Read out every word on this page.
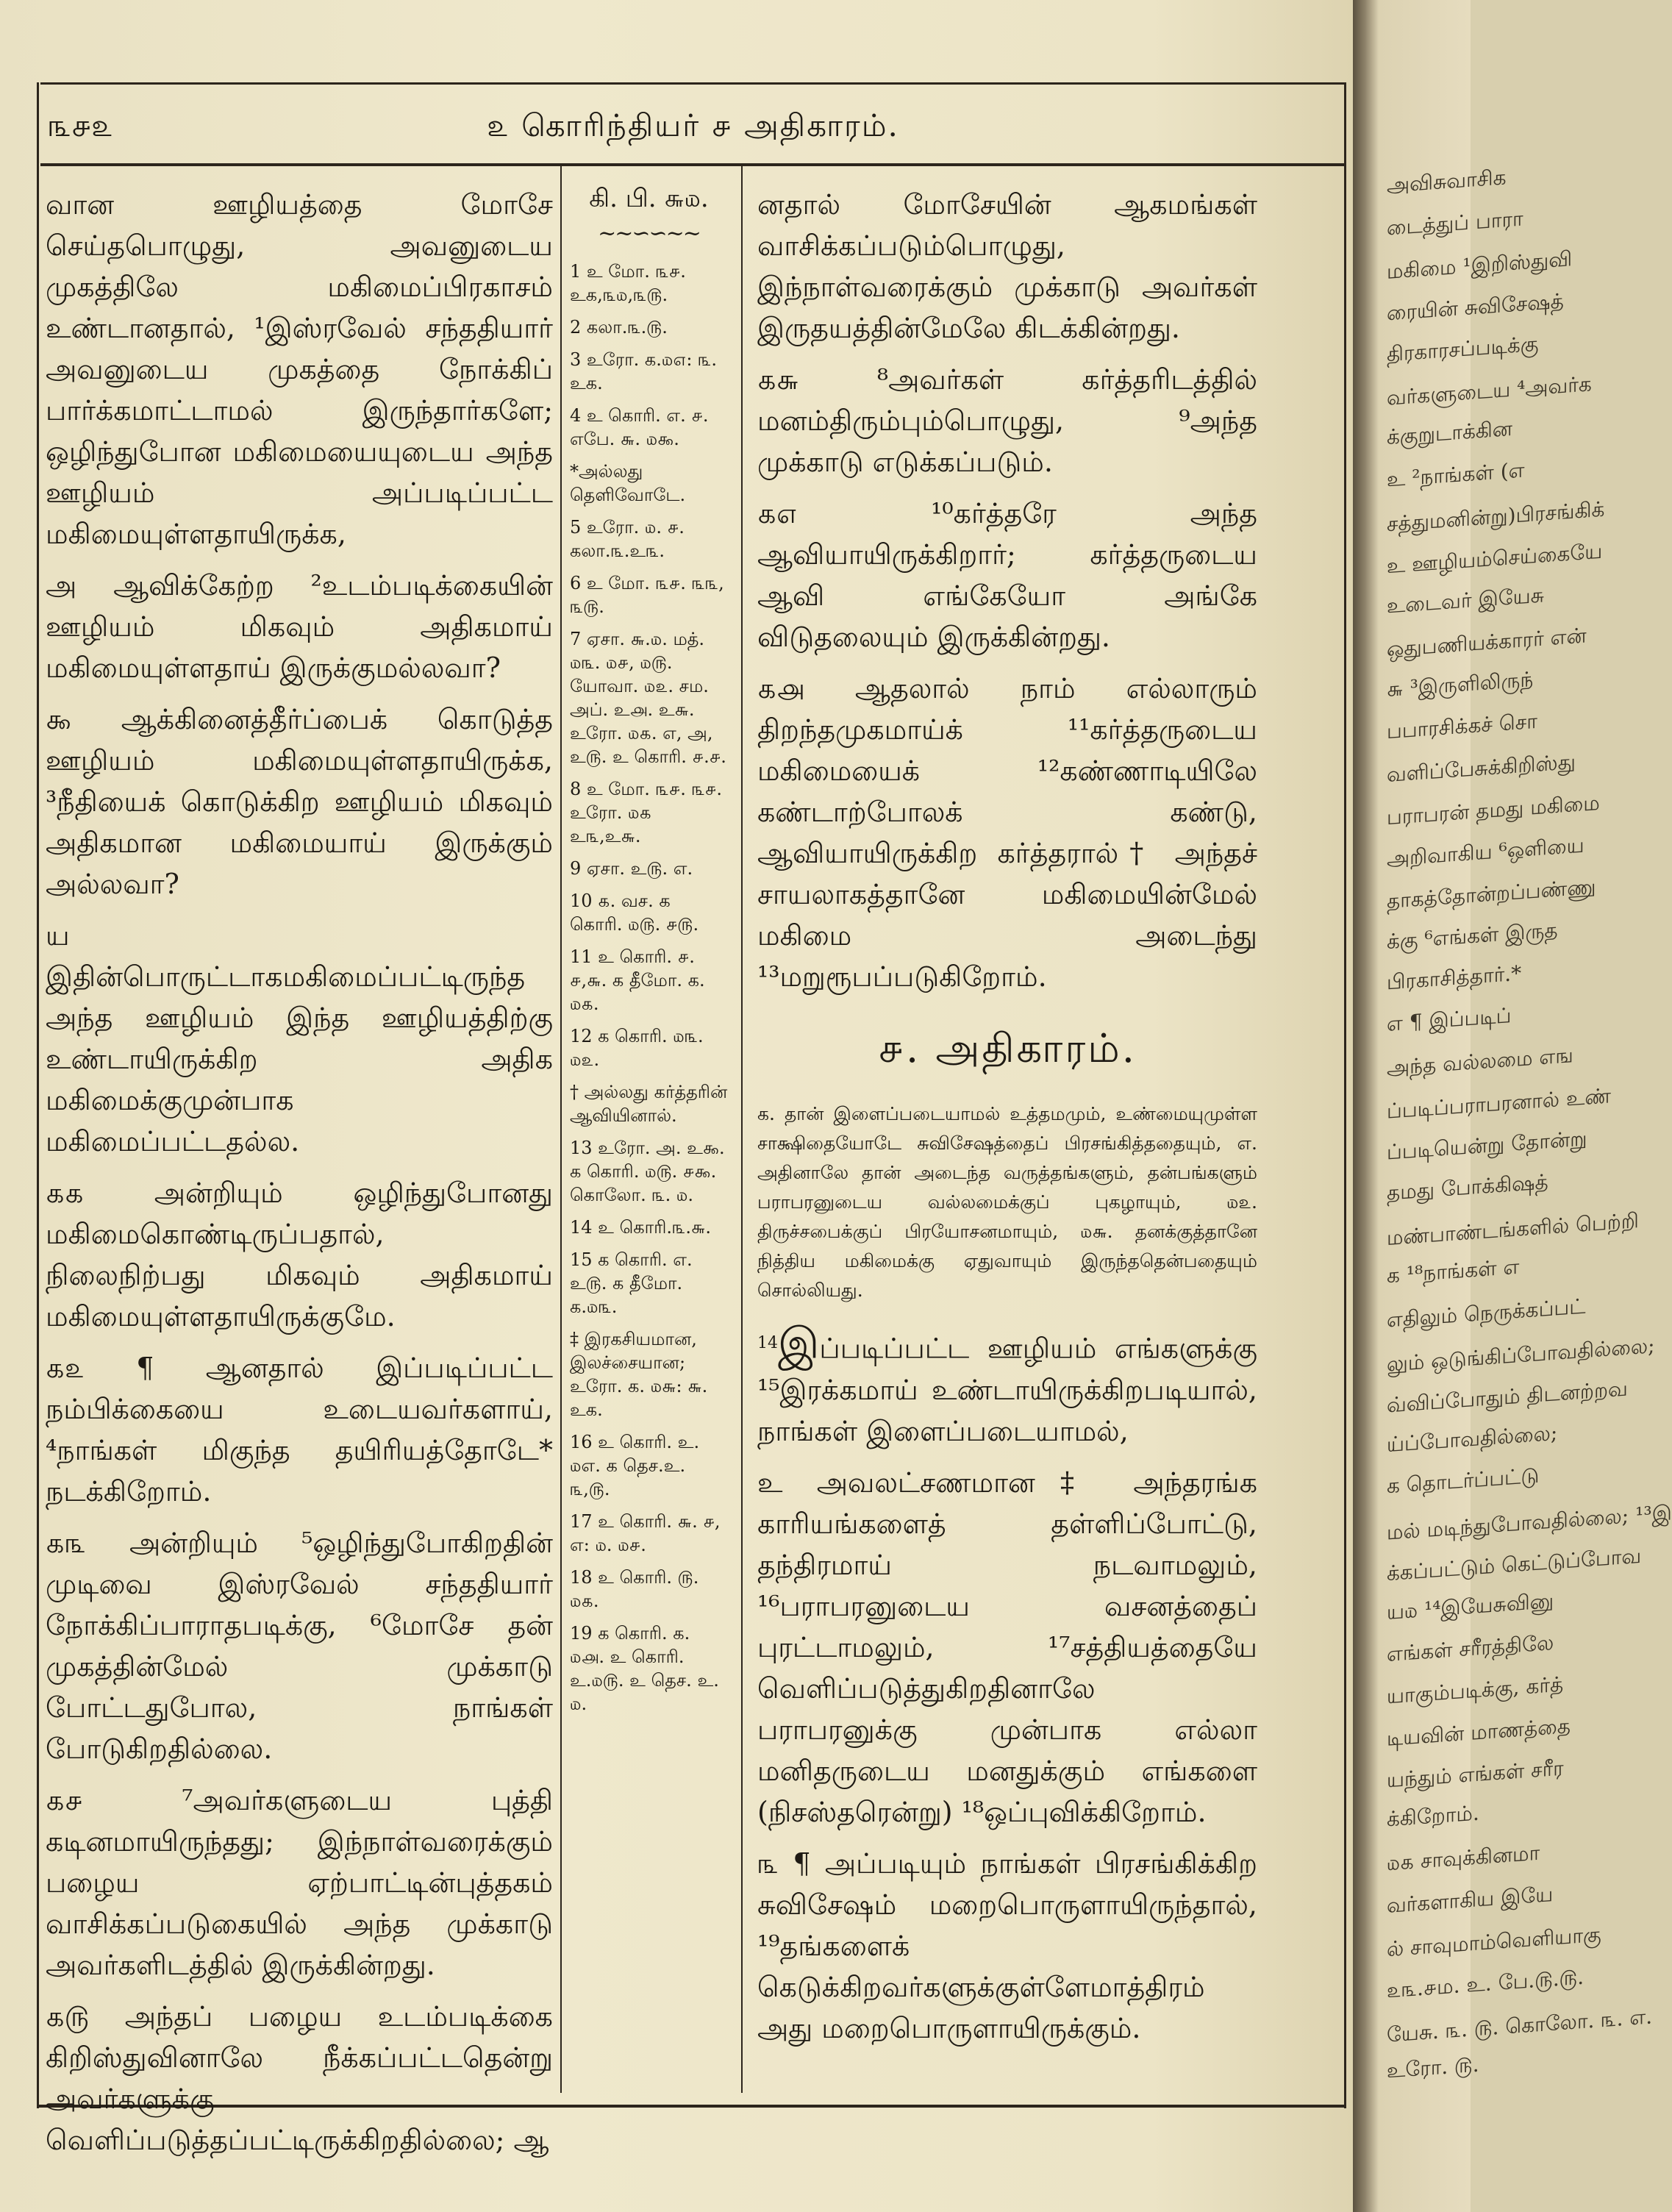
௩௪௨	௨ கொரிந்தியர் ௪ அதிகாரம்.

வான ஊழியத்தை மோசே செய்தபொழுது, அவனுடைய முகத்திலே மகிமைப்பிரகாசம் உண்டானதால், ¹இஸ்ரவேல் சந்ததியார் அவனுடைய முகத்தை நோக்கிப் பார்க்கமாட்டாமல் இருந்தார்களே; ஒழிந்துபோன மகிமையையுடைய அந்த ஊழியம் அப்படிப்பட்ட மகிமையுள்ளதாயிருக்க,

அ ஆவிக்கேற்ற ²உடம்படிக்கையின் ஊழியம் மிகவும் அதிகமாய் மகிமையுள்ளதாய் இருக்குமல்லவா?

௯ ஆக்கினைத்தீர்ப்பைக் கொடுத்த ஊழியம் மகிமையுள்ளதாயிருக்க, ³நீதியைக் கொடுக்கிற ஊழியம் மிகவும் அதிகமான மகிமையாய் இருக்கும் அல்லவா?

ய இதின்பொருட்டாகமகிமைப்பட்டிருந்த அந்த ஊழியம் இந்த ஊழியத்திற்கு உண்டாயிருக்கிற அதிக மகிமைக்குமுன்பாக மகிமைப்பட்டதல்ல.

௧௧ அன்றியும் ஒழிந்துபோனது மகிமைகொண்டிருப்பதால், நிலைநிற்பது மிகவும் அதிகமாய் மகிமையுள்ளதாயிருக்குமே.

௧௨ ¶ ஆனதால் இப்படிப்பட்ட நம்பிக்கையை உடையவர்களாய், ⁴நாங்கள் மிகுந்த தயிரியத்தோடே* நடக்கிறோம்.

௧௩ அன்றியும் ⁵ஒழிந்துபோகிறதின் முடிவை இஸ்ரவேல் சந்ததியார் நோக்கிப்பாராதபடிக்கு, ⁶மோசே தன் முகத்தின்மேல் முக்காடு போட்டதுபோல, நாங்கள் போடுகிறதில்லை.

௧௪ ⁷அவர்களுடைய புத்தி கடினமாயிருந்தது; இந்நாள்வரைக்கும் பழைய ஏற்பாட்டின்புத்தகம் வாசிக்கப்படுகையில் அந்த முக்காடு அவர்களிடத்தில் இருக்கின்றது.

௧௫ அந்தப் பழைய உடம்படிக்கை கிறிஸ்துவினாலே நீக்கப்பட்டதென்று அவர்களுக்கு வெளிப்படுத்தப்பட்டிருக்கிறதில்லை; ஆ

கி. பி. ௬௰.
~~∽∽~~
1 உ மோ. ௩௪. உக,௩௰,௩௫.
2 கலா.௩.௫.
3 உரோ. க.௰௭: ௩. உக.
4 உ கொரி. எ. ௪. எபே. ௬. ௰௯.
*அல்லது தெளிவோடே.
5 உரோ. ௰. ௪. கலா.௩.உ௩.
6 உ மோ. ௩௪. ௩௩, ௩௫.
7 ஏசா. ௬.௰. மத். ௰௩. ௰௪, ௰௫. யோவா. ௰௨. சம. அப். உ௮. உ௬. உரோ. ௰௧. எ, அ, உ௫. உ கொரி. ௪.௪.
8 உ மோ. ௩௪. ௩௪. உரோ. ௰௧ உ௩,உ௬.
9 ஏசா. உ௫. எ.
10 ௧. வச. க கொரி. ௰௫. ௪௫.
11 உ கொரி. ௪. ௪,௬. க தீமோ. க. ௰௧.
12 க கொரி. ௰௩. ௰௨.
† அல்லது கர்த்தரின் ஆவியினால்.
13 உரோ. அ. உ௯. க கொரி. ௰௫. ௪௯. கொலோ. ௩. ௰.
14 உ கொரி.௩.௬.
15 க கொரி. எ. உ௫. க தீமோ. க.௰௩.
‡ இரகசியமான, இலச்சையான; உரோ. க. ௰௬: ௬. உக.
16 உ கொரி. உ. ௰எ. க தெச.உ. ௩,௫.
17 உ கொரி. ௬. ௪, எ: ௰. ௰௪.
18 உ கொரி. ௫. ௰௧.
19 க கொரி. க. ௰௮. உ கொரி. உ.௰௫. உ தெச. உ. ௰.

னதால் மோசேயின் ஆகமங்கள் வாசிக்கப்படும்பொழுது, இந்நாள்வரைக்கும் முக்காடு அவர்கள் இருதயத்தின்மேலே கிடக்கின்றது.

௧௬ ⁸அவர்கள் கர்த்தரிடத்தில் மனம்திரும்பும்பொழுது, ⁹அந்த முக்காடு எடுக்கப்படும்.

௧௭ ¹⁰கர்த்தரே அந்த ஆவியாயிருக்கிறார்; கர்த்தருடைய ஆவி எங்கேயோ அங்கே விடுதலையும் இருக்கின்றது.

௧௮ ஆதலால் நாம் எல்லாரும் திறந்தமுகமாய்க் ¹¹கர்த்தருடைய மகிமையைக் ¹²கண்ணாடியிலே கண்டாற்போலக் கண்டு, ஆவியாயிருக்கிற கர்த்தரால்† அந்தச் சாயலாகத்தானே மகிமையின்மேல் மகிமை அடைந்து ¹³மறுரூபப்படுகிறோம்.

௪. அதிகாரம்.
க. தான் இளைப்படையாமல் உத்தமமும், உண்மையுமுள்ள சாக்ஷிதையோடே சுவிசேஷத்தைப் பிரசங்கித்ததையும், எ. அதினாலே தான் அடைந்த வருத்தங்களும், தன்பங்களும் பராபரனுடைய வல்லமைக்குப் புகழாயும், ௰௨. திருச்சபைக்குப் பிரயோசனமாயும், ௰௬. தனக்குத்தானே நித்திய மகிமைக்கு ஏதுவாயும் இருந்ததென்பதையும் சொல்லியது.

$^{14}$இப்படிப்பட்ட ஊழியம் எங்களுக்கு ¹⁵இரக்கமாய் உண்டாயிருக்கிறபடியால், நாங்கள் இளைப்படையாமல்,

உ அவலட்சணமான‡ அந்தரங்க காரியங்களைத் தள்ளிப்போட்டு, தந்திரமாய் நடவாமலும், ¹⁶பராபரனுடைய வசனத்தைப் புரட்டாமலும், ¹⁷சத்தியத்தையே வெளிப்படுத்துகிறதினாலே பராபரனுக்கு முன்பாக எல்லா மனிதருடைய மனதுக்கும் எங்களை (நிசஸ்தரென்று) ¹⁸ஒப்புவிக்கிறோம்.

௩ ¶ அப்படியும் நாங்கள் பிரசங்கிக்கிற சுவிசேஷம் மறைபொருளாயிருந்தால், ¹⁹தங்களைக் கெடுக்கிறவர்களுக்குள்ளேமாத்திரம் அது மறைபொருளாயிருக்கும்.

அவிசுவாசிக
டைத்துப் பாரா
மகிமை ¹இறிஸ்துவி
ரையின் சுவிசேஷத்
திரகாரசப்படிக்கு
வர்களுடைய ⁴அவர்க
க்குறுடாக்கின
உ ²நாங்கள் (எ
சத்துமனின்று)பிரசங்கிக்
உ ஊழியம்செய்கையே
உடைவர் இயேசு
ஒதுபணியக்காரர் என்
௬ ³இருளிலிருந்
பபாரசிக்கச் சொ
வளிப்பேசுக்கிறிஸ்து
பராபரன் தமது மகிமை
அறிவாகிய ⁶ஒளியை
தாகத்தோன்றப்பண்ணு
க்கு ⁶எங்கள் இருத
பிரகாசித்தார்.*
எ ¶ இப்படிப்
அந்த வல்லமை எங
ப்படிப்பராபரனால் உண்
ப்படியென்று தோன்று
தமது போக்கிஷத்
மண்பாண்டங்களில் பெற்றி
க ¹⁸நாங்கள் எ
எதிலும் நெருக்கப்பட்
லும் ஒடுங்கிப்போவதில்லை;
வ்விப்போதும் திடனற்றவ
ய்ப்போவதில்லை;
க தொடர்ப்பட்டு
மல் மடிந்துபோவதில்லை; ¹³இ
க்கப்பட்டும் கெட்டுப்போவ
ய௰ ¹⁴இயேசுவினு
எங்கள் சரீரத்திலே
யாகும்படிக்கு, கர்த்
டியவின் மாணத்தை
யந்தும் எங்கள் சரீர
க்கிறோம்.
௰௧ சாவுக்கினமா
வர்களாகிய இயே
ல் சாவுமாம்வெளியாகு
௨௩.௪ம. உ. பே.௫.௫.
யேசு. ௩. ௫. கொலோ. ௩. எ.
உரோ. ௫.
